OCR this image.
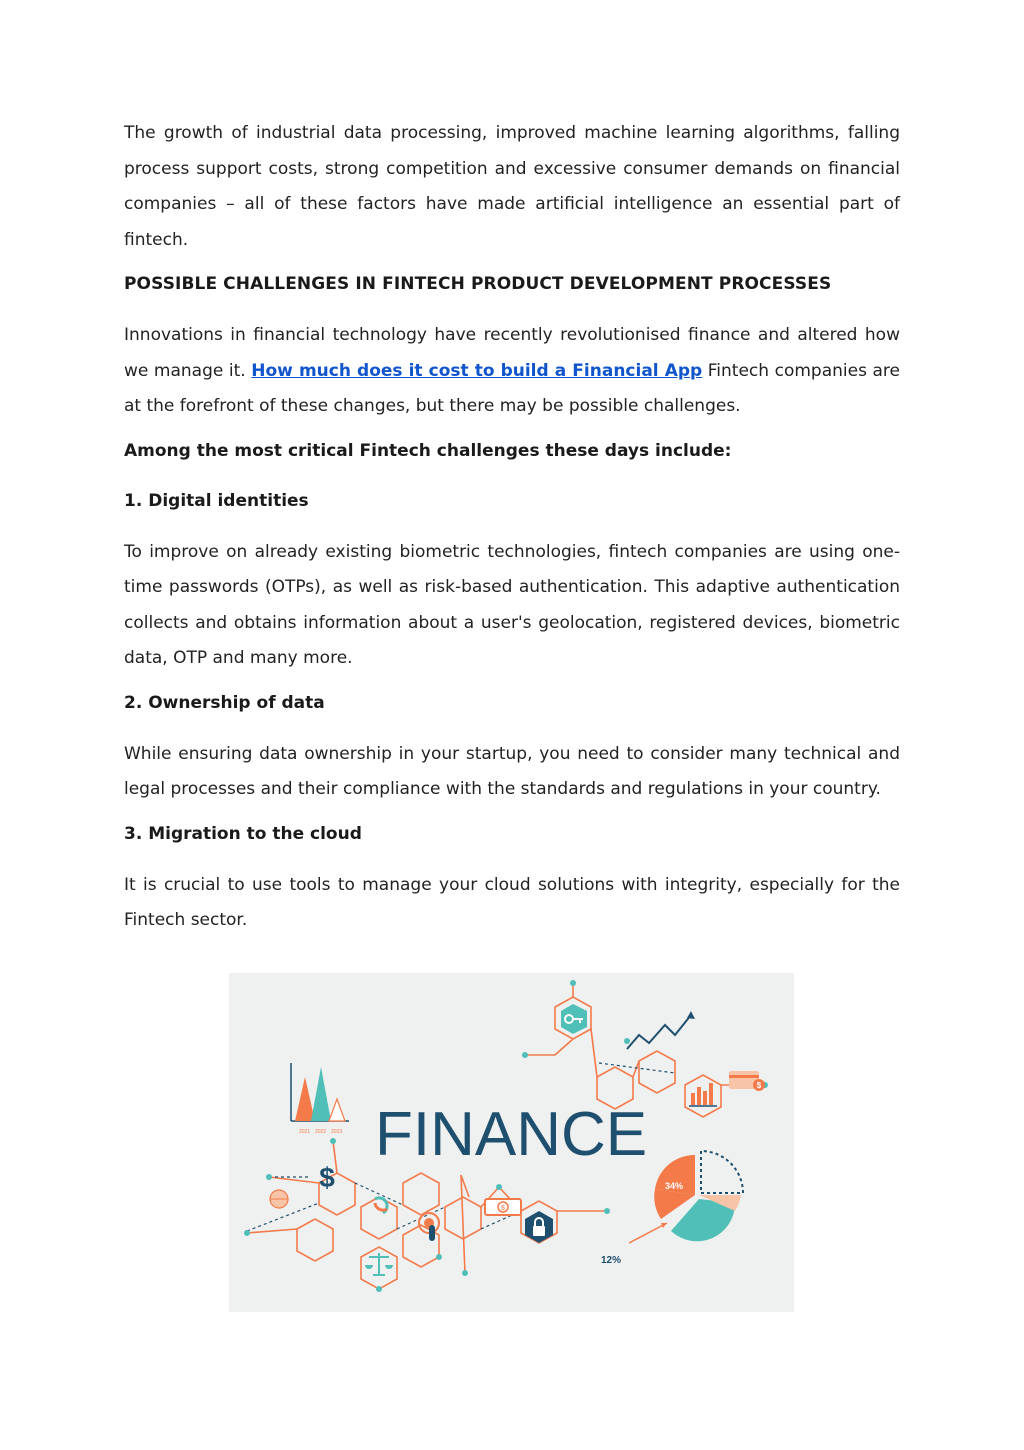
The growth of industrial data processing, improved machine learning algorithms, falling process support costs, strong competition and excessive consumer demands on financial companies – all of these factors have made artificial intelligence an essential part of fintech.

POSSIBLE CHALLENGES IN FINTECH PRODUCT DEVELOPMENT PROCESSES

Innovations in financial technology have recently revolutionised finance and altered how we manage it. How much does it cost to build a Financial App Fintech companies are at the forefront of these changes, but there may be possible challenges.

Among the most critical Fintech challenges these days include:

1. Digital identities

To improve on already existing biometric technologies, fintech companies are using one-time passwords (OTPs), as well as risk-based authentication. This adaptive authentication collects and obtains information about a user's geolocation, registered devices, biometric data, OTP and many more.

2. Ownership of data

While ensuring data ownership in your startup, you need to consider many technical and legal processes and their compliance with the standards and regulations in your country.

3. Migration to the cloud

It is crucial to use tools to manage your cloud solutions with integrity, especially for the Fintech sector.

$
2021 2022 2023 FINANCE
$
$
34%
12%
